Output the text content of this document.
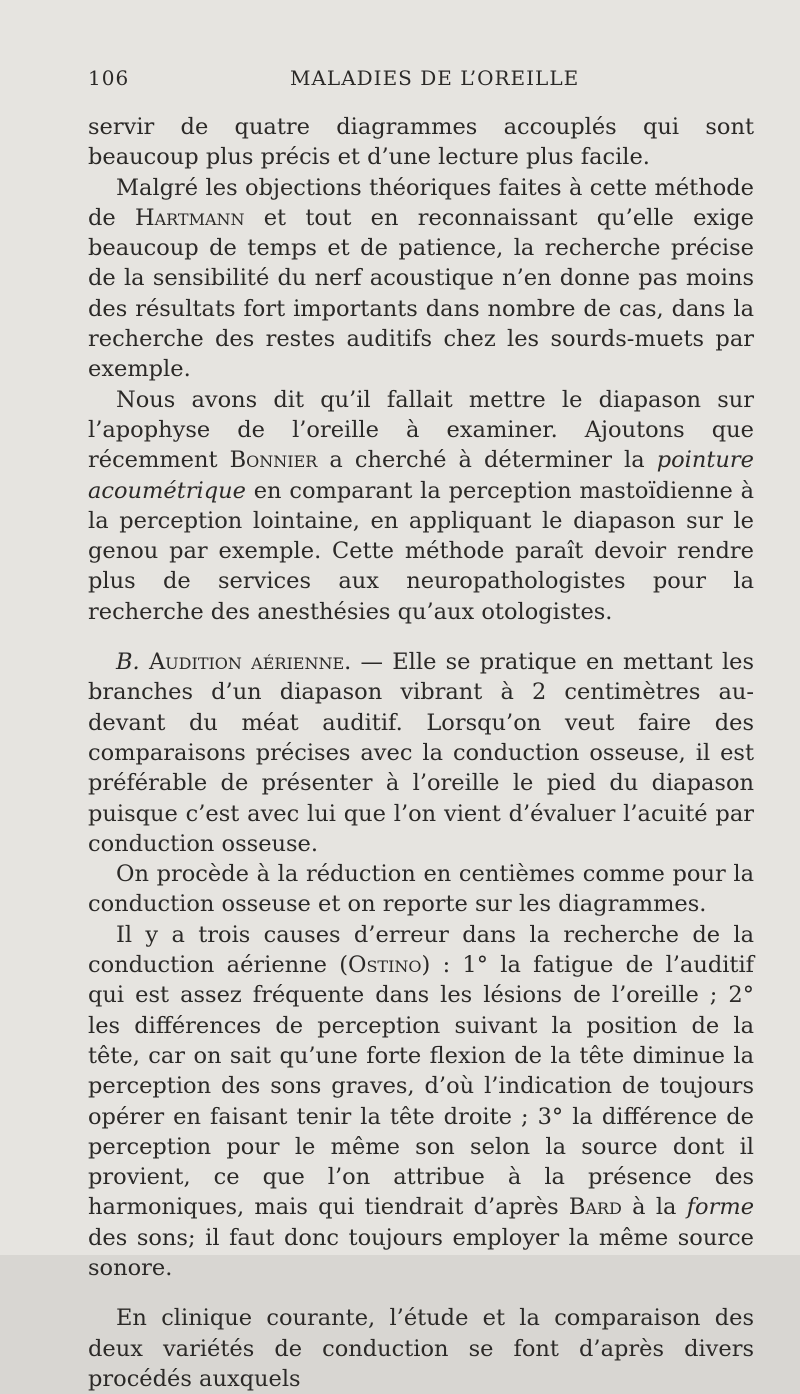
106	MALADIES DE L’OREILLE

servir de quatre diagrammes accouplés qui sont beaucoup plus précis et d’une lecture plus facile.

Malgré les objections théoriques faites à cette méthode de Hartmann et tout en reconnaissant qu’elle exige beaucoup de temps et de patience, la recherche précise de la sensibilité du nerf acoustique n’en donne pas moins des résultats fort importants dans nombre de cas, dans la recherche des restes auditifs chez les sourds-muets par exemple.

Nous avons dit qu’il fallait mettre le diapason sur l’apophyse de l’oreille à examiner. Ajoutons que récemment Bonnier a cherché à déterminer la pointure acoumétrique en comparant la perception mastoïdienne à la perception lointaine, en appliquant le diapason sur le genou par exemple. Cette méthode paraît devoir rendre plus de services aux neuropathologistes pour la recherche des anesthésies qu’aux otologistes.

B. Audition aérienne. — Elle se pratique en mettant les branches d’un diapason vibrant à 2 centimètres au-devant du méat auditif. Lorsqu’on veut faire des comparaisons précises avec la conduction osseuse, il est préférable de présenter à l’oreille le pied du diapason puisque c’est avec lui que l’on vient d’évaluer l’acuité par conduction osseuse.

On procède à la réduction en centièmes comme pour la conduction osseuse et on reporte sur les diagrammes.

Il y a trois causes d’erreur dans la recherche de la conduction aérienne (Ostino) : 1° la fatigue de l’auditif qui est assez fréquente dans les lésions de l’oreille ; 2° les différences de perception suivant la position de la tête, car on sait qu’une forte flexion de la tête diminue la perception des sons graves, d’où l’indication de toujours opérer en faisant tenir la tête droite ; 3° la différence de perception pour le même son selon la source dont il provient, ce que l’on attribue à la présence des harmoniques, mais qui tiendrait d’après Bard à la forme des sons; il faut donc toujours employer la même source sonore.

En clinique courante, l’étude et la comparaison des deux variétés de conduction se font d’après divers procédés auxquels
